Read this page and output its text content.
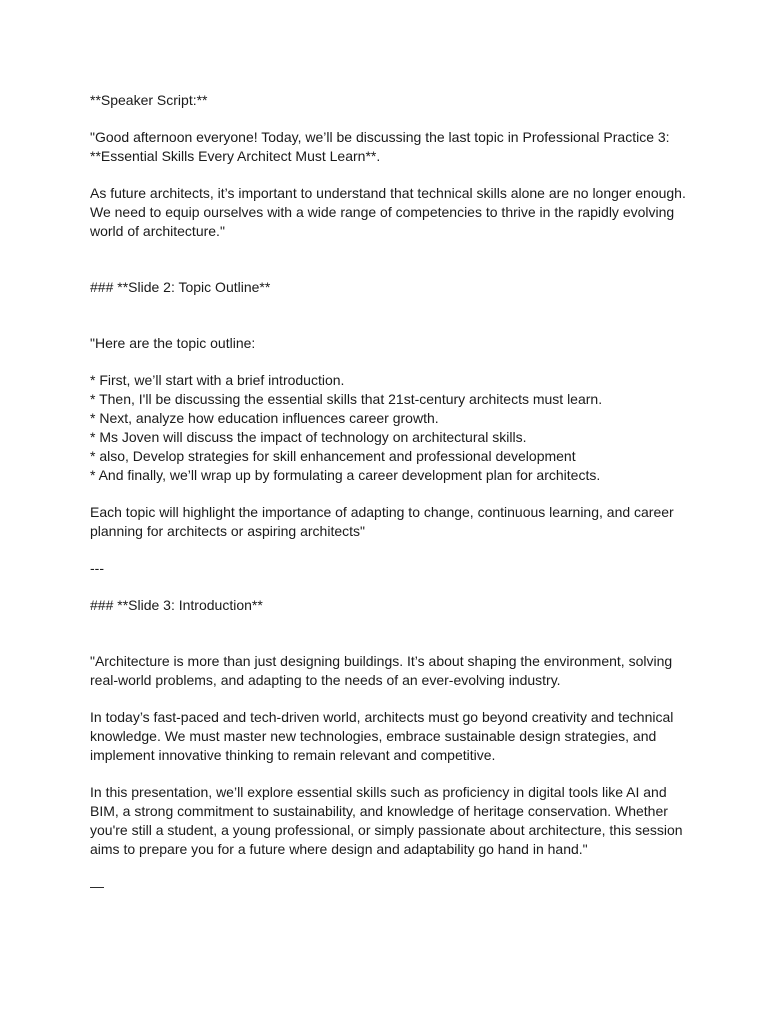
**Speaker Script:**

"Good afternoon everyone! Today, we’ll be discussing the last topic in Professional Practice 3:

**Essential Skills Every Architect Must Learn**.

As future architects, it’s important to understand that technical skills alone are no longer enough.

We need to equip ourselves with a wide range of competencies to thrive in the rapidly evolving

world of architecture."

### **Slide 2: Topic Outline**

"Here are the topic outline:

* First, we’ll start with a brief introduction.

* Then, I'll be discussing the essential skills that 21st-century architects must learn.

* Next, analyze how education influences career growth.

* Ms Joven will discuss the impact of technology on architectural skills.

* also, Develop strategies for skill enhancement and professional development

* And finally, we’ll wrap up by formulating a career development plan for architects.

Each topic will highlight the importance of adapting to change, continuous learning, and career

planning for architects or aspiring architects"

---

### **Slide 3: Introduction**

"Architecture is more than just designing buildings. It’s about shaping the environment, solving

real-world problems, and adapting to the needs of an ever-evolving industry.

In today’s fast-paced and tech-driven world, architects must go beyond creativity and technical

knowledge. We must master new technologies, embrace sustainable design strategies, and

implement innovative thinking to remain relevant and competitive.

In this presentation, we’ll explore essential skills such as proficiency in digital tools like AI and

BIM, a strong commitment to sustainability, and knowledge of heritage conservation. Whether

you're still a student, a young professional, or simply passionate about architecture, this session

aims to prepare you for a future where design and adaptability go hand in hand."

—
